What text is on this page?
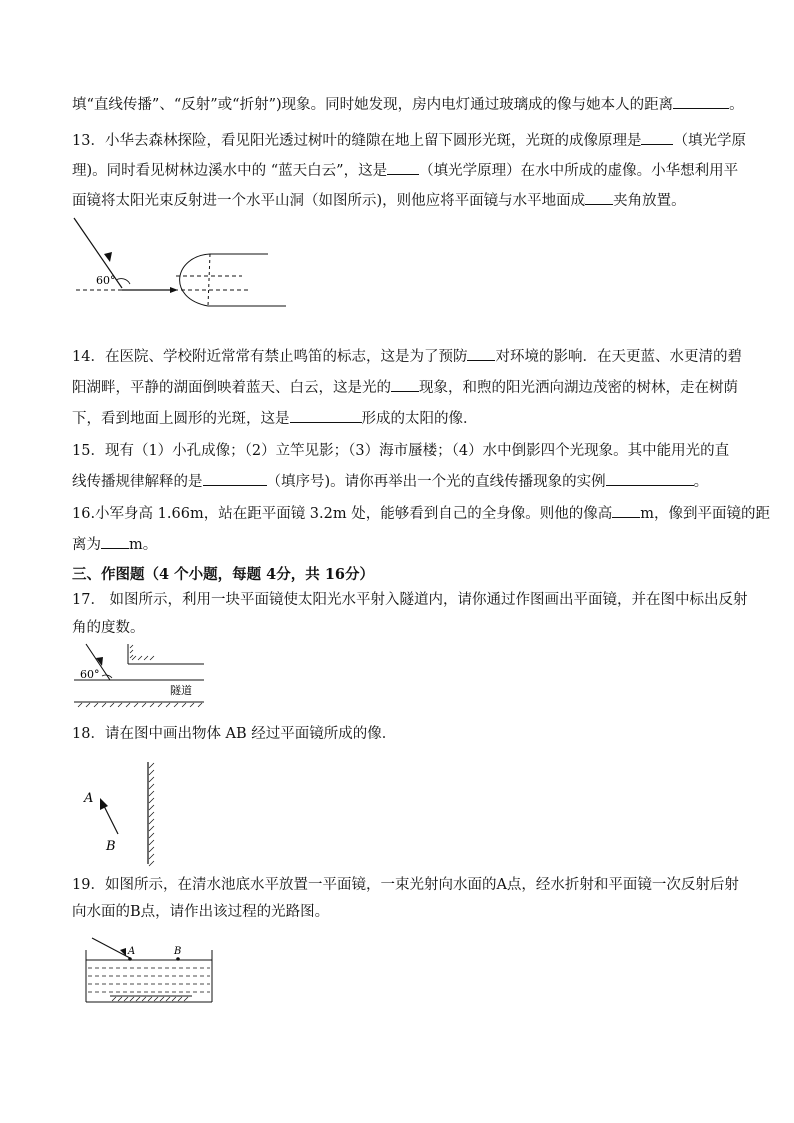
填“直线传播”、“反射”或“折射”)现象。同时她发现，房内电灯通过玻璃成的像与她本人的距离	。
13．小华去森林探险，看见阳光透过树叶的缝隙在地上留下圆形光斑，光斑的成像原理是 （填光学原
理)。同时看见树林边溪水中的 “蓝天白云”，这是 （填光学原理）在水中所成的虚像。小华想利用平
面镜将太阳光束反射进一个水平山洞（如图所示)，则他应将平面镜与水平地面成 夹角放置。
60°
14．在医院、学校附近常常有禁止鸣笛的标志，这是为了预防 对环境的影响．在天更蓝、水更清的碧
阳湖畔，平静的湖面倒映着蓝天、白云，这是光的 现象，和煦的阳光洒向湖边茂密的树林，走在树荫
下，看到地面上圆形的光斑，这是	形成的太阳的像．
15．现有（1）小孔成像；（2）立竿见影；（3）海市蜃楼；（4）水中倒影四个光现象。其中能用光的直
线传播规律解释的是	（填序号)。请你再举出一个光的直线传播现象的实例	。
16.小军身高 1.66m，站在距平面镜 3.2m 处，能够看到自己的全身像。则他的像高 m，像到平面镜的距
离为 m。
三、作图题（4 个小题，每题 4分，共 16分）
17． 如图所示，利用一块平面镜使太阳光水平射入隧道内，请你通过作图画出平面镜，并在图中标出反射
角的度数。
60°
隧道
18．请在图中画出物体 AB 经过平面镜所成的像．
A
B
19．如图所示，在清水池底水平放置一平面镜，一束光射向水面的A点，经水折射和平面镜一次反射后射
向水面的B点，请作出该过程的光路图。
A	B
